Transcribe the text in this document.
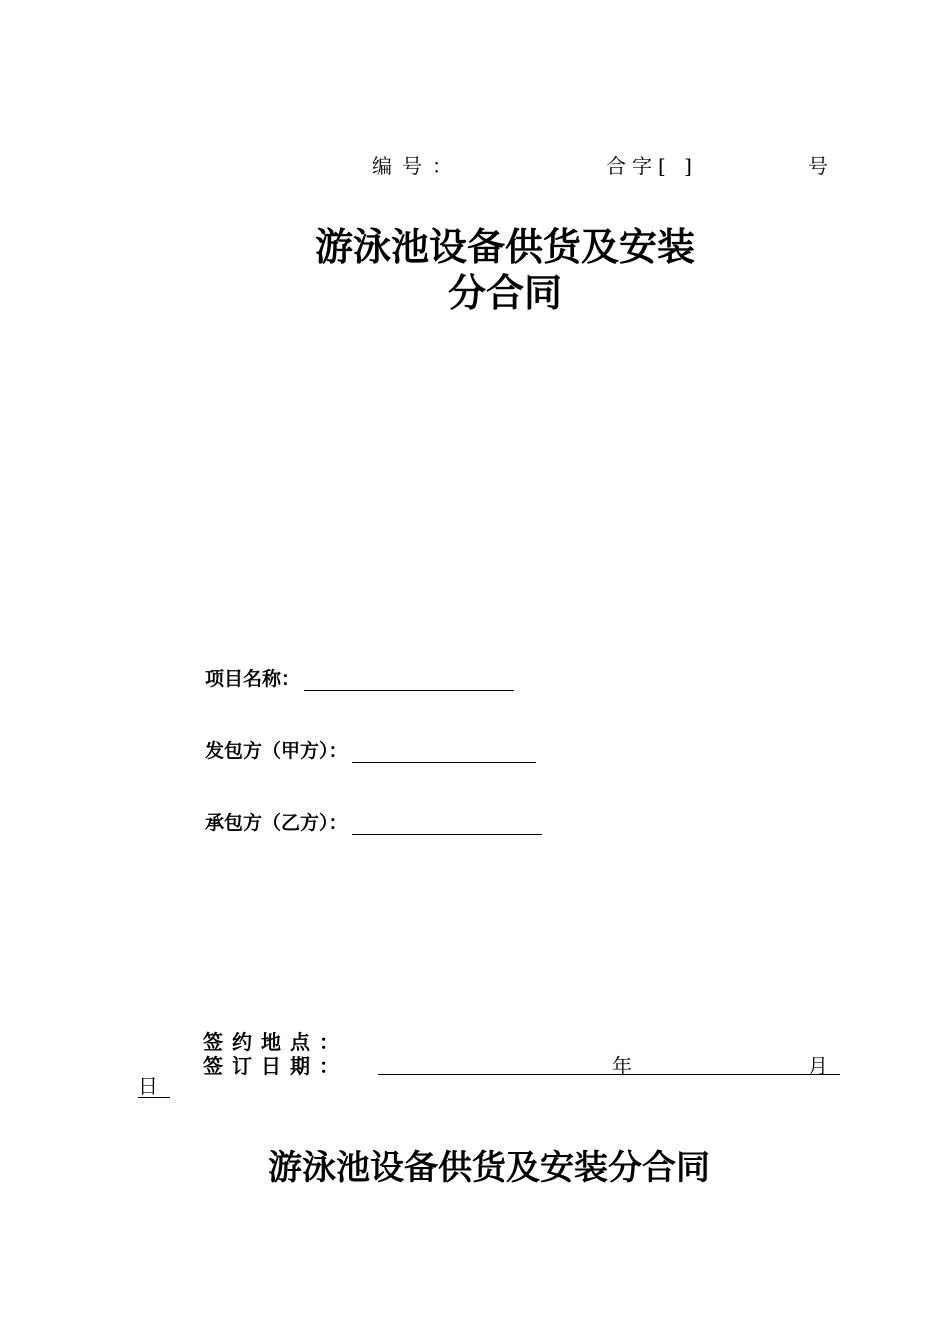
编号：	合字[ ]	号
游泳池设备供货及安装
分合同
项目名称：
发包方（甲方）：
承包方（乙方）：
签约地点：
签订日期：	年	月
日
游泳池设备供货及安装分合同
